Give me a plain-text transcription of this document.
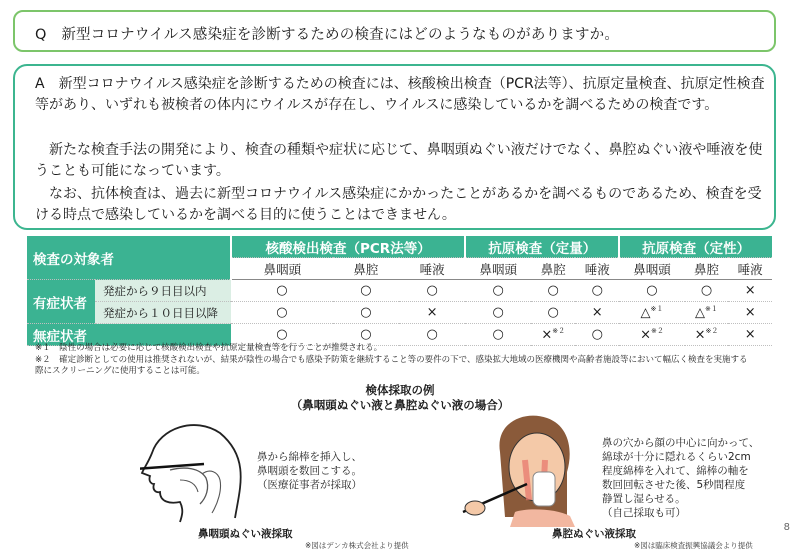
Q　新型コロナウイルス感染症を診断するための検査にはどのようなものがありますか。

A　新型コロナウイルス感染症を診断するための検査には、核酸検出検査（PCR法等）、抗原定量検査、抗原定性検査等があり、いずれも被検者の体内にウイルスが存在し、ウイルスに感染しているかを調べるための検査です。

　新たな検査手法の開発により、検査の種類や症状に応じて、鼻咽頭ぬぐい液だけでなく、鼻腔ぬぐい液や唾液を使うことも可能になっています。

　なお、抗体検査は、過去に新型コロナウイルス感染症にかかったことがあるかを調べるものであるため、検査を受ける時点で感染しているかを調べる目的に使うことはできません。

検査の対象者		核酸検出検査（PCR法等）			抗原検査（定量）			抗原検査（定性）		
		鼻咽頭	鼻腔	唾液	鼻咽頭	鼻腔	唾液	鼻咽頭	鼻腔	唾液
有症状者	発症から９日目以内	○	○	○	○	○	○	○	○	×
	発症から１０日目以降	○	○	×	○	○	×	△$^{※1}$	△$^{※1}$	×
無症状者		○	○	○	○	×$^{※2}$	○	×$^{※2}$	×$^{※2}$	×
※１　陰性の場合は必要に応じて核酸検出検査や抗原定量検査等を行うことが推奨される。
※２　確定診断としての使用は推奨されないが、結果が陰性の場合でも感染予防策を継続すること等の要件の下で、感染拡大地域の医療機関や高齢者施設等において幅広く検査を実施する際にスクリーニングに使用することは可能。
検体採取の例
（鼻咽頭ぬぐい液と鼻腔ぬぐい液の場合）
鼻から綿棒を挿入し、
鼻咽頭を数回こする。
（医療従事者が採取）
鼻咽頭ぬぐい液採取
※図はデンカ株式会社より提供
鼻の穴から顔の中心に向かって、
綿球が十分に隠れるくらい2cm
程度綿棒を入れて、綿棒の軸を
数回回転させた後、5秒間程度
静置し湿らせる。
（自己採取も可）
鼻腔ぬぐい液採取
※図は臨床検査振興協議会より提供
8
